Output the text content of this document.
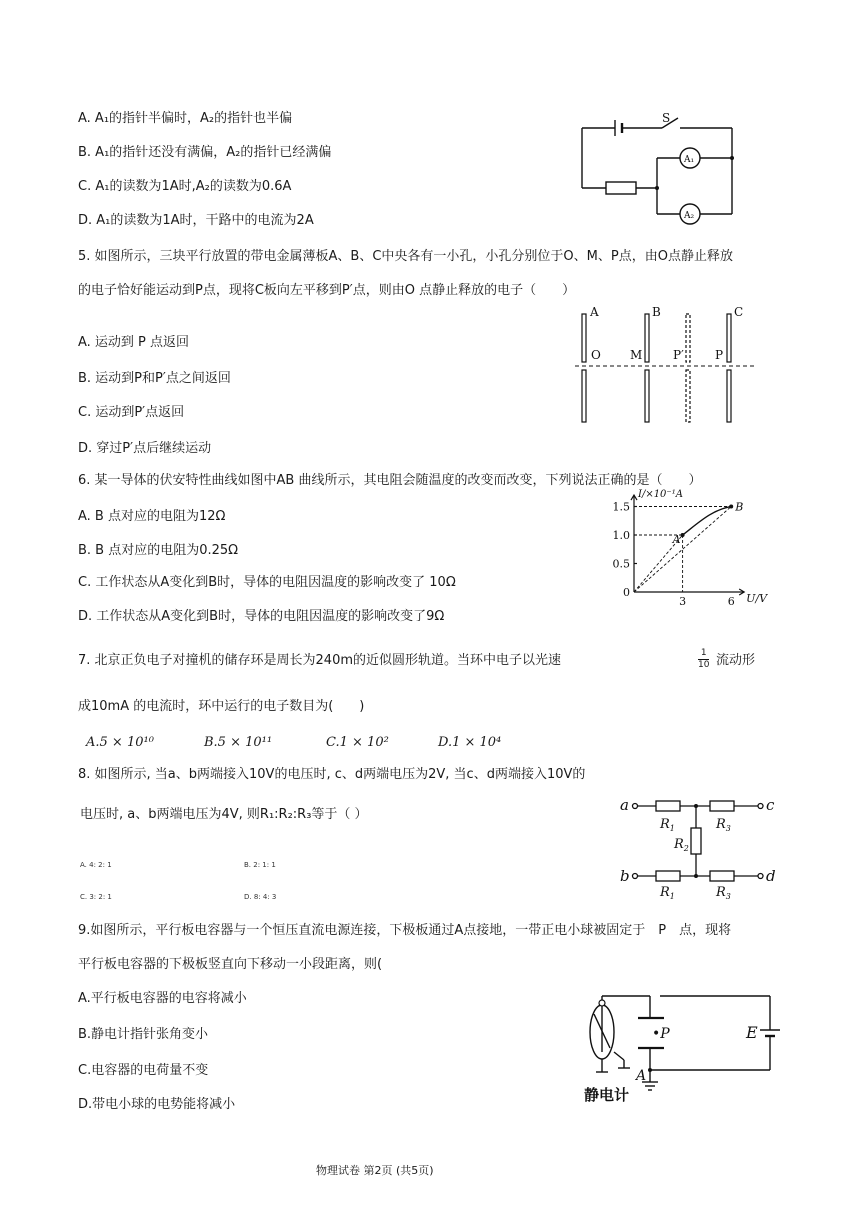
A. A₁的指针半偏时，A₂的指针也半偏
B. A₁的指针还没有满偏，A₂的指针已经满偏
C. A₁的读数为1A时,A₂的读数为0.6A
D. A₁的读数为1A时，干路中的电流为2A
S
A₁
A₂
5. 如图所示，三块平行放置的带电金属薄板A、B、C中央各有一小孔，小孔分别位于O、M、P点，由O点静止释放
的电子恰好能运动到P点，现将C板向左平移到P′点，则由O 点静止释放的电子（　　）
A. 运动到 P 点返回
B. 运动到P和P′点之间返回
C. 运动到P′点返回
D. 穿过P′点后继续运动
A	B	C
O M	P′	P
6. 某一导体的伏安特性曲线如图中AB 曲线所示，其电阻会随温度的改变而改变，下列说法正确的是（　　）
A. B 点对应的电阻为12Ω
B. B 点对应的电阻为0.25Ω
C. 工作状态从A变化到B时，导体的电阻因温度的影响改变了 10Ω
D. 工作状态从A变化到B时，导体的电阻因温度的影响改变了9Ω
0
0.5
1.0
1.5
3	6
I/×10⁻¹A
U/V
A
B
7. 北京正负电子对撞机的储存环是周长为240m的近似圆形轨道。当环中电子以光速	$\frac{1}{10}$ 流动形
成10mA 的电流时，环中运行的电子数目为(　　)
A.5 × 10¹⁰	B.5 × 10¹¹	C.1 × 10²	D.1 × 10⁴
8. 如图所示, 当a、b两端接入10V的电压时, c、d两端电压为2V, 当c、d两端接入10V的
电压时, a、b两端电压为4V, 则R₁:R₂:R₃等于（ ）
A. 4: 2: 1	B. 2: 1: 1
C. 3: 2: 1	D. 8: 4: 3
a	c
b	d
$R_1$	$R_3$
$R_2$
$R_1$	$R_3$
9.如图所示，平行板电容器与一个恒压直流电源连接，下极板通过A点接地，一带正电小球被固定于　P　点，现将
平行板电容器的下极板竖直向下移动一小段距离，则(
A.平行板电容器的电容将减小
B.静电计指针张角变小
C.电容器的电荷量不变
D.带电小球的电势能将减小
•P	E
A
静电计
物理试卷 第2页 (共5页)
